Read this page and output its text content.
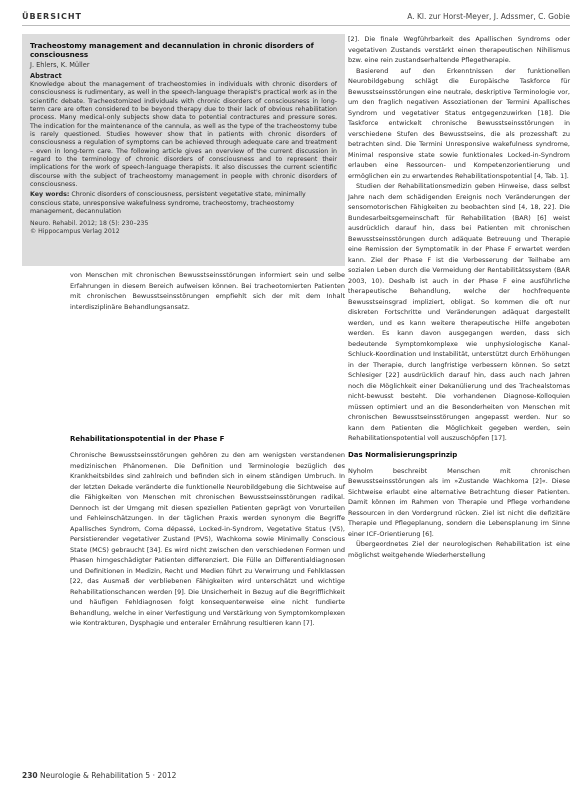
ÜBERSICHT	A. Kl. zur Horst-Meyer, J. Adssmer, C. Gobie
Tracheostomy management and decannulation in chronic disorders of consciousness
J. Ehlers, K. Müller
Abstract
Knowledge about the management of tracheostomies in individuals with chronic disorders of consciousness is rudimentary, as well in the speech-language therapist's practical work as in the scientific debate. Tracheostomized individuals with chronic disorders of consciousness in long-term care are often considered to be beyond therapy due to their lack of obvious rehabilitation process. Many medical-only subjects show data to potential contractures and pressure sores. The indication for the maintenance of the cannula, as well as the type of the tracheostomy tube is rarely questioned. Studies however show that in patients with chronic disorders of consciousness a regulation of symptoms can be achieved through adequate care and treatment – even in long-term care. The following article gives an overview of the current discussion in regard to the terminology of chronic disorders of consciousness and to represent their implications for the work of speech-language therapists. It also discusses the current scientific discourse with the subject of tracheostomy management in people with chronic disorders of consciousness.
Key words: Chronic disorders of consciousness, persistent vegetative state, minimally conscious state, unresponsive wakefulness syndrome, tracheostomy, tracheostomy management, decannulation
Neuro. Rehabil. 2012; 18 (5): 230–235
© Hippocampus Verlag 2012

von Menschen mit chronischen Bewusstseinsstörungen informiert sein und selbe Erfahrungen in diesem Bereich aufweisen können. Bei tracheotomierten Patienten mit chronischen Bewusstseinsstörungen empfiehlt sich der mit dem Inhalt interdisziplinäre Behandlungsansatz.

Rehabilitationspotential in der Phase F

Chronische Bewusstseinsstörungen gehören zu den am wenigsten verstandenen medizinischen Phänomenen. Die Definition und Terminologie bezüglich des Krankheitsbildes sind zahlreich und befinden sich in einem ständigen Umbruch. In der letzten Dekade veränderte die funktionelle Neurobildgebung die Sichtweise auf die Fähigkeiten von Menschen mit chronischen Bewusstseinsstörungen radikal. Dennoch ist der Umgang mit diesen speziellen Patienten geprägt von Vorurteilen und Fehleinschätzungen. In der täglichen Praxis werden synonym die Begriffe Apallisches Syndrom, Coma dépassé, Locked-in-Syndrom, Vegetative Status (VS), Persistierender vegetativer Zustand (PVS), Wachkoma sowie Minimally Conscious State (MCS) gebraucht [34]. Es wird nicht zwischen den verschiedenen Formen und Phasen hirngeschädigter Patienten differenziert. Die Fülle an Differentialdiagnosen und Definitionen in Medizin, Recht und Medien führt zu Verwirrung und Fehlklassen [22, das Ausmaß der verbliebenen Fähigkeiten wird unterschätzt und wichtige Rehabilitationschancen werden [9]. Die Unsicherheit in Bezug auf die Begrifflichkeit und häufigen Fehldiagnosen folgt konsequenterweise eine nicht fundierte Behandlung, welche in einer Verfestigung und Verstärkung von Symptomkomplexen wie Kontrakturen, Dysphagie und enteraler Ernährung resultieren kann [7].

[2]. Die finale Wegführbarkeit des Apallischen Syndroms oder vegetativen Zustands verstärkt einen therapeutischen Nihilismus bzw. eine rein zustandserhaltende Pflegetherapie.

Basierend auf den Erkenntnissen der funktionellen Neurobildgebung schlägt die Europäische Taskforce für Bewusstseinsstörungen eine neutrale, deskriptive Terminologie vor, um den fraglich negativen Assoziationen der Termini Apallisches Syndrom und vegetativer Status entgegenzuwirken [18]. Die Taskforce entwickelt chronische Bewusstseinsstörungen in verschiedene Stufen des Bewusstseins, die als prozesshaft zu betrachten sind. Die Termini Unresponsive wakefulness syndrome, Minimal responsive state sowie funktionales Locked-in-Syndrom erlauben eine Ressourcen- und Kompetenzorientierung und ermöglichen ein zu erwartendes Rehabilitationspotential [4, Tab. 1].

Studien der Rehabilitationsmedizin geben Hinweise, dass selbst Jahre nach dem schädigenden Ereignis noch Veränderungen der sensomotorischen Fähigkeiten zu beobachten sind [4, 18, 22]. Die Bundesarbeitsgemeinschaft für Rehabilitation (BAR) [6] weist ausdrücklich darauf hin, dass bei Patienten mit chronischen Bewusstseinsstörungen durch adäquate Betreuung und Therapie eine Remission der Symptomatik in der Phase F erwartet werden kann. Ziel der Phase F ist die Verbesserung der Teilhabe am sozialen Leben durch die Vermeidung der Rentabilitätssystem (BAR 2003, 10). Deshalb ist auch in der Phase F eine ausführliche therapeutische Behandlung, welche der hochfrequente Bewusstseinsgrad impliziert, obligat. So kommen die oft nur diskreten Fortschritte und Veränderungen adäquat dargestellt werden, und es kann weitere therapeutische Hilfe angeboten werden. Es kann davon ausgegangen werden, dass sich bedeutende Symptomkomplexe wie unphysiologische Kanal-Schluck-Koordination und Instabilität, unterstützt durch Erhöhungen in der Therapie, durch langfristige verbessern können. So setzt Schlesiger [22] ausdrücklich darauf hin, dass auch nach Jahren noch die Möglichkeit einer Dekanülierung und des Trachealstomas nicht-bewusst besteht. Die vorhandenen Diagnose-Kolloquien müssen optimiert und an die Besonderheiten von Menschen mit chronischen Bewusstseinsstörungen angepasst werden. Nur so kann dem Patienten die Möglichkeit gegeben werden, sein Rehabilitationspotential voll auszuschöpfen [17].

Das Normalisierungsprinzip

Nyholm beschreibt Menschen mit chronischen Bewusstseinsstörungen als im »Zustande Wachkoma [2]«. Diese Sichtweise erlaubt eine alternative Betrachtung dieser Patienten. Damit können im Rahmen von Therapie und Pflege vorhandene Ressourcen in den Vordergrund rücken. Ziel ist nicht die defizitäre Therapie und Pflegeplanung, sondern die Lebensplanung im Sinne einer ICF-Orientierung [6].

Übergeordnetes Ziel der neurologischen Rehabilitation ist eine möglichst weitgehende Wiederherstellung

230 Neurologie & Rehabilitation 5 · 2012
